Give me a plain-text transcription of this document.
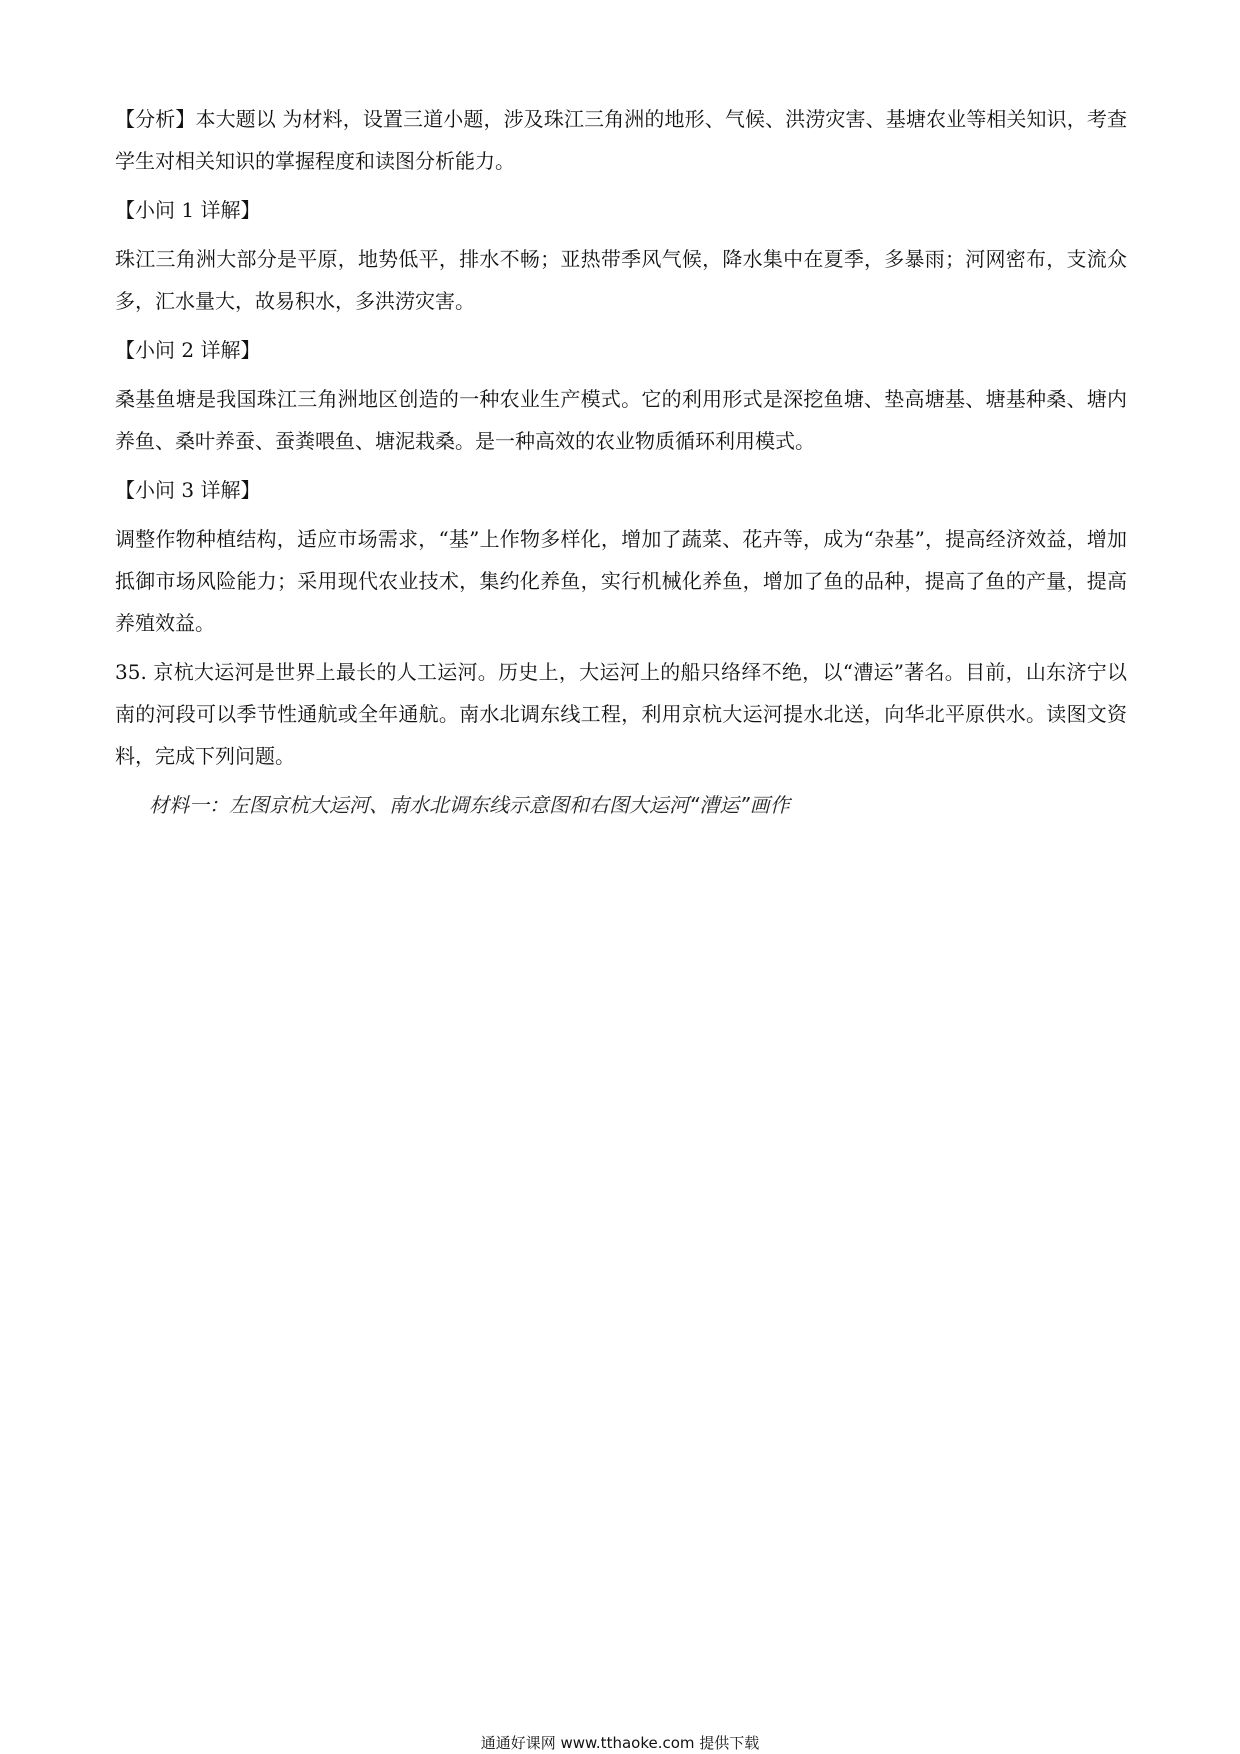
【分析】本大题以 为材料，设置三道小题，涉及珠江三角洲的地形、气候、洪涝灾害、基塘农业等相关知识，考查学生对相关知识的掌握程度和读图分析能力。

【小问 1 详解】

珠江三角洲大部分是平原，地势低平，排水不畅；亚热带季风气候，降水集中在夏季，多暴雨；河网密布，支流众多，汇水量大，故易积水，多洪涝灾害。

【小问 2 详解】

桑基鱼塘是我国珠江三角洲地区创造的一种农业生产模式。它的利用形式是深挖鱼塘、垫高塘基、塘基种桑、塘内养鱼、桑叶养蚕、蚕粪喂鱼、塘泥栽桑。是一种高效的农业物质循环利用模式。

【小问 3 详解】

调整作物种植结构，适应市场需求，“基”上作物多样化，增加了蔬菜、花卉等，成为“杂基”，提高经济效益，增加抵御市场风险能力；采用现代农业技术，集约化养鱼，实行机械化养鱼，增加了鱼的品种，提高了鱼的产量，提高养殖效益。

35. 京杭大运河是世界上最长的人工运河。历史上，大运河上的船只络绎不绝，以“漕运”著名。目前，山东济宁以南的河段可以季节性通航或全年通航。南水北调东线工程，利用京杭大运河提水北送，向华北平原供水。读图文资料，完成下列问题。

材料一：左图京杭大运河、南水北调东线示意图和右图大运河“漕运”画作

通通好课网 www.tthaoke.com 提供下载
